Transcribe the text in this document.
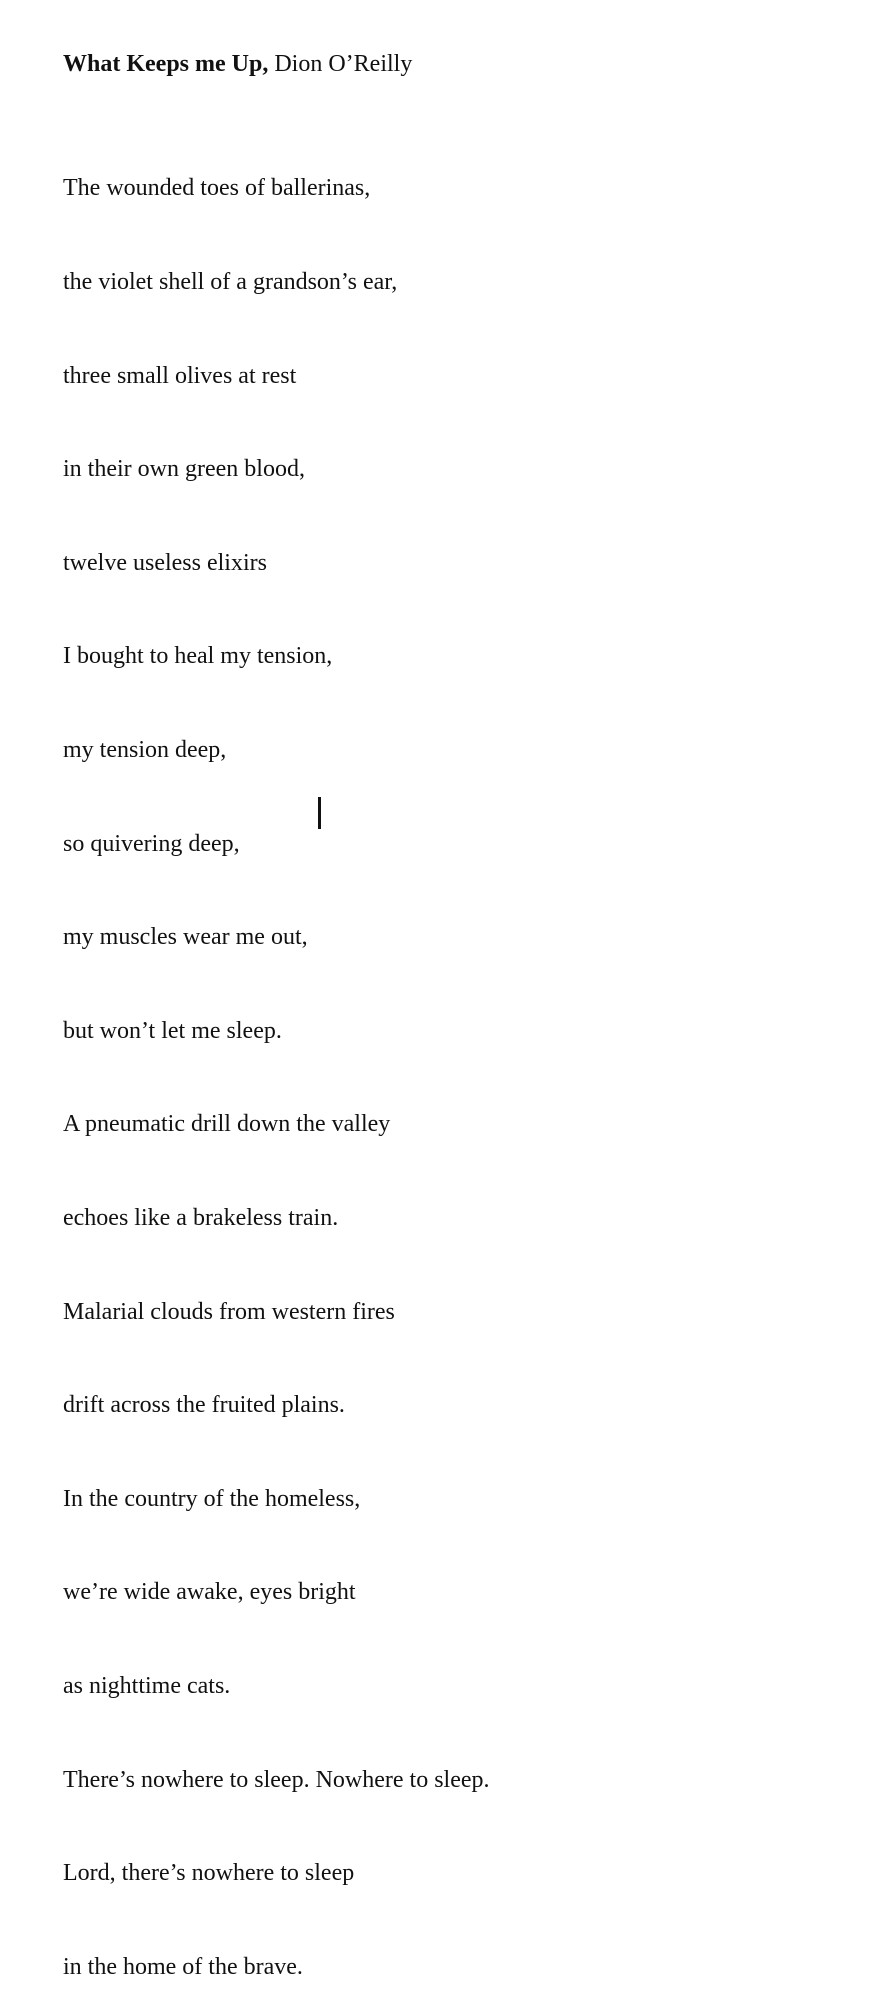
What Keeps me Up, Dion O’Reilly

The wounded toes of ballerinas,

the violet shell of a grandson’s ear,

three small olives at rest

in their own green blood,

twelve useless elixirs

I bought to heal my tension,

my tension deep,

so quivering deep,

my muscles wear me out,

but won’t let me sleep.

A pneumatic drill down the valley

echoes like a brakeless train.

Malarial clouds from western fires

drift across the fruited plains.

In the country of the homeless,

we’re wide awake, eyes bright

as nighttime cats.

There’s nowhere to sleep. Nowhere to sleep.

Lord, there’s nowhere to sleep

in the home of the brave.
